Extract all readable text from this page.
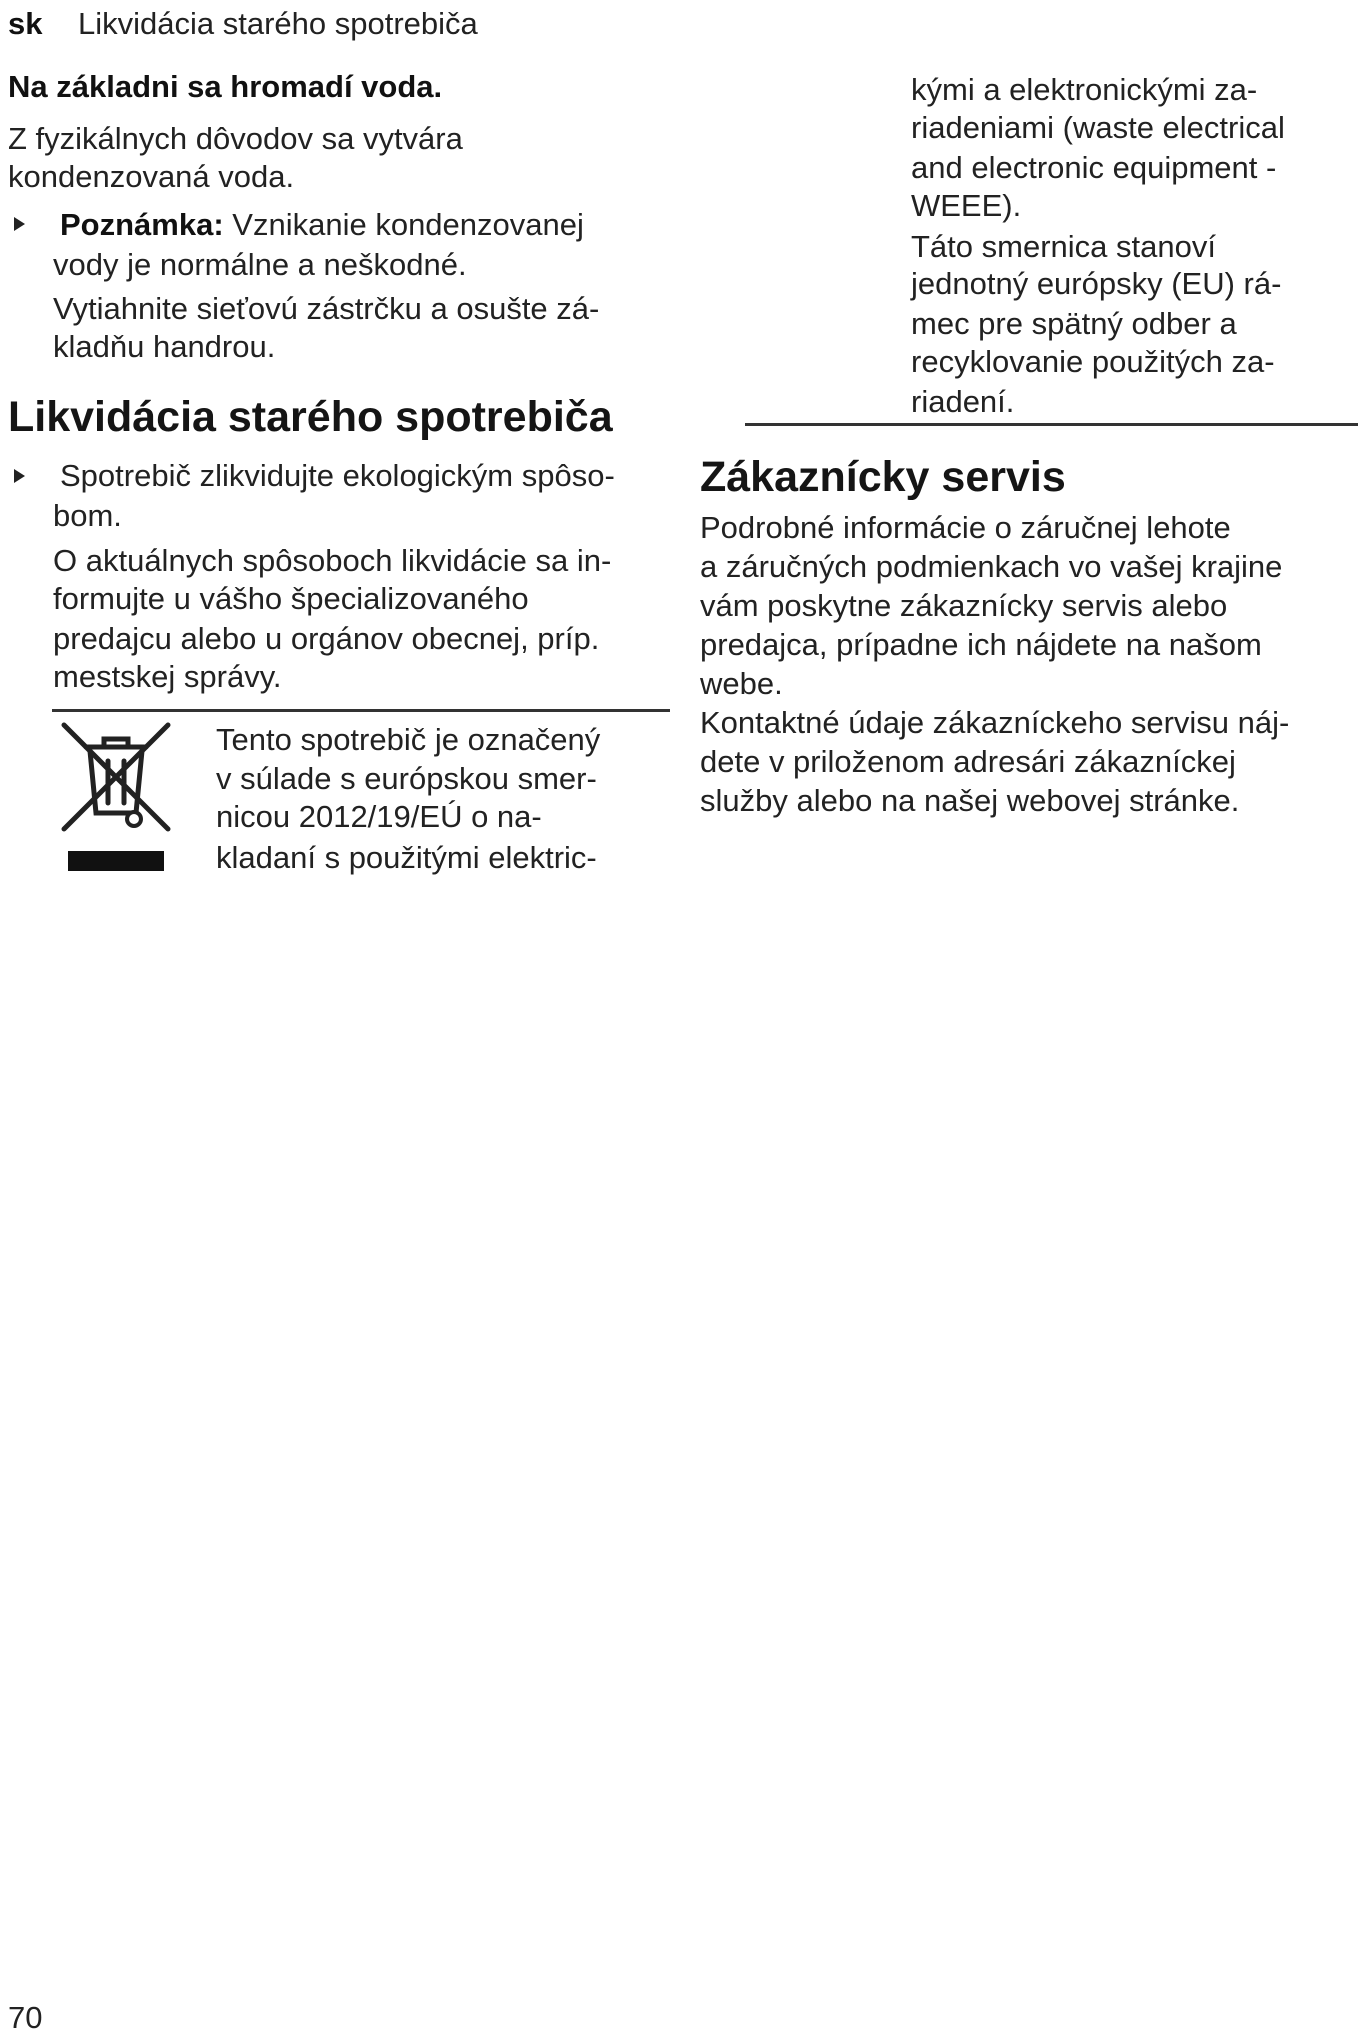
sk Likvidácia starého spotrebiča
Na základni sa hromadí voda.
Z fyzikálnych dôvodov sa vytvára
kondenzovaná voda.
Poznámka: Vznikanie kondenzovanej
vody je normálne a neškodné.
Vytiahnite sieťovú zástrčku a osušte zá-
kladňu handrou.
Likvidácia starého spotrebiča
Spotrebič zlikvidujte ekologickým spôso-
bom.
O aktuálnych spôsoboch likvidácie sa in-
formujte u vášho špecializovaného
predajcu alebo u orgánov obecnej, príp.
mestskej správy.
Tento spotrebič je označený
v súlade s európskou smer-
nicou 2012/19/EÚ o na-
kladaní s použitými elektric-
kými a elektronickými za-
riadeniami (waste electrical
and electronic equipment -
WEEE).
Táto smernica stanoví
jednotný európsky (EU) rá-
mec pre spätný odber a
recyklovanie použitých za-
riadení.
Zákaznícky servis
Podrobné informácie o záručnej lehote
a záručných podmienkach vo vašej krajine
vám poskytne zákaznícky servis alebo
predajca, prípadne ich nájdete na našom
webe.
Kontaktné údaje zákazníckeho servisu náj-
dete v priloženom adresári zákazníckej
služby alebo na našej webovej stránke.
70
